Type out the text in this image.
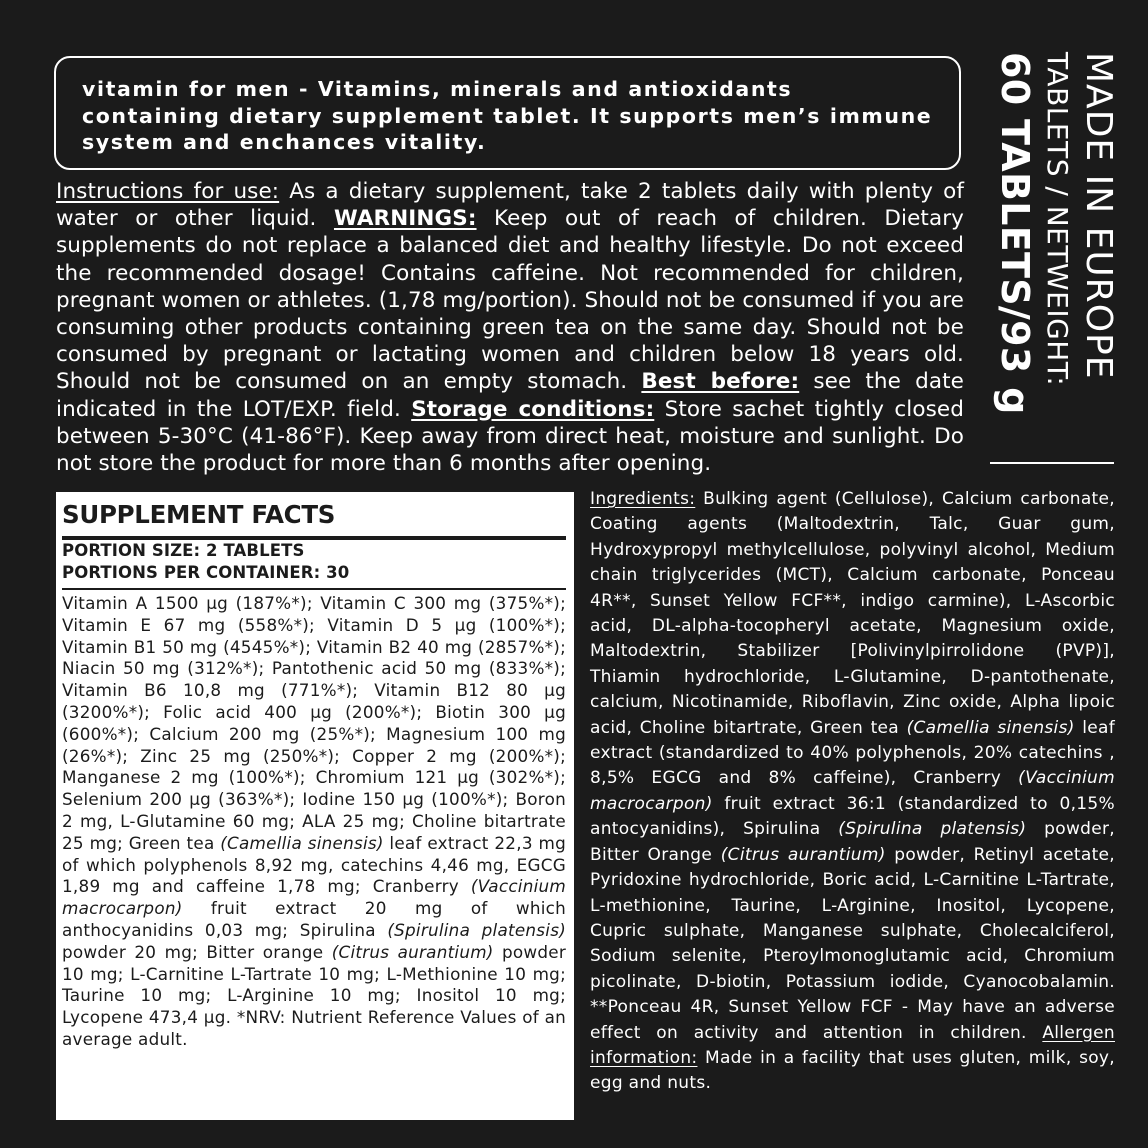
vitamin for men - Vitamins, minerals and antioxidants containing dietary supplement tablet. It supports men’s immune system and enchances vitality.
Instructions for use: As a dietary supplement, take 2 tablets daily with plenty of water or other liquid. WARNINGS: Keep out of reach of children. Dietary supplements do not replace a balanced diet and healthy lifestyle. Do not exceed the recommended dosage! Contains caffeine. Not recommended for children, pregnant women or athletes. (1,78 mg/portion). Should not be consumed if you are consuming other products containing green tea on the same day. Should not be consumed by pregnant or lactating women and children below 18 years old. Should not be consumed on an empty stomach. Best before: see the date indicated in the LOT/EXP. field. Storage conditions: Store sachet tightly closed between 5-30°C (41-86°F). Keep away from direct heat, moisture and sunlight. Do not store the product for more than 6 months after opening.
MADE IN EUROPE
TABLETS / NETWEIGHT:
60 TABLETS/93 g
SUPPLEMENT FACTS
PORTION SIZE: 2 TABLETS
PORTIONS PER CONTAINER: 30
Vitamin A 1500 µg (187%*); Vitamin C 300 mg (375%*); Vitamin E 67 mg (558%*); Vitamin D 5 µg (100%*); Vitamin B1 50 mg (4545%*); Vitamin B2 40 mg (2857%*); Niacin 50 mg (312%*); Pantothenic acid 50 mg (833%*); Vitamin B6 10,8 mg (771%*); Vitamin B12 80 µg (3200%*); Folic acid 400 µg (200%*); Biotin 300 µg (600%*); Calcium 200 mg (25%*); Magnesium 100 mg (26%*); Zinc 25 mg (250%*); Copper 2 mg (200%*); Manganese 2 mg (100%*); Chromium 121 µg (302%*); Selenium 200 µg (363%*); Iodine 150 µg (100%*); Boron 2 mg, L-Glutamine 60 mg; ALA 25 mg; Choline bitartrate 25 mg; Green tea (Camellia sinensis) leaf extract 22,3 mg of which polyphenols 8,92 mg, catechins 4,46 mg, EGCG 1,89 mg and caffeine 1,78 mg; Cranberry (Vaccinium macrocarpon) fruit extract 20 mg of which anthocyanidins 0,03 mg; Spirulina (Spirulina platensis) powder 20 mg; Bitter orange (Citrus aurantium) powder 10 mg; L-Carnitine L-Tartrate 10 mg; L-Methionine 10 mg; Taurine 10 mg; L-Arginine 10 mg; Inositol 10 mg; Lycopene 473,4 µg. *NRV: Nutrient Reference Values of an average adult.
Ingredients: Bulking agent (Cellulose), Calcium carbonate, Coating agents (Maltodextrin, Talc, Guar gum, Hydroxypropyl methylcellulose, polyvinyl alcohol, Medium chain triglycerides (MCT), Calcium carbonate, Ponceau 4R**, Sunset Yellow FCF**, indigo carmine), L-Ascorbic acid, DL-alpha-tocopheryl acetate, Magnesium oxide, Maltodextrin, Stabilizer [Polivinylpirrolidone (PVP)], Thiamin hydrochloride, L-Glutamine, D-pantothenate, calcium, Nicotinamide, Riboflavin, Zinc oxide, Alpha lipoic acid, Choline bitartrate, Green tea (Camellia sinensis) leaf extract (standardized to 40% polyphenols, 20% catechins , 8,5% EGCG and 8% caffeine), Cranberry (Vaccinium macrocarpon) fruit extract 36:1 (standardized to 0,15% antocyanidins), Spirulina (Spirulina platensis) powder, Bitter Orange (Citrus aurantium) powder, Retinyl acetate, Pyridoxine hydrochloride, Boric acid, L-Carnitine L-Tartrate, L-methionine, Taurine, L-Arginine, Inositol, Lycopene, Cupric sulphate, Manganese sulphate, Cholecalciferol, Sodium selenite, Pteroylmonoglutamic acid, Chromium picolinate, D-biotin, Potassium iodide, Cyanocobalamin. **Ponceau 4R, Sunset Yellow FCF - May have an adverse effect on activity and attention in children. Allergen information: Made in a facility that uses gluten, milk, soy, egg and nuts.
